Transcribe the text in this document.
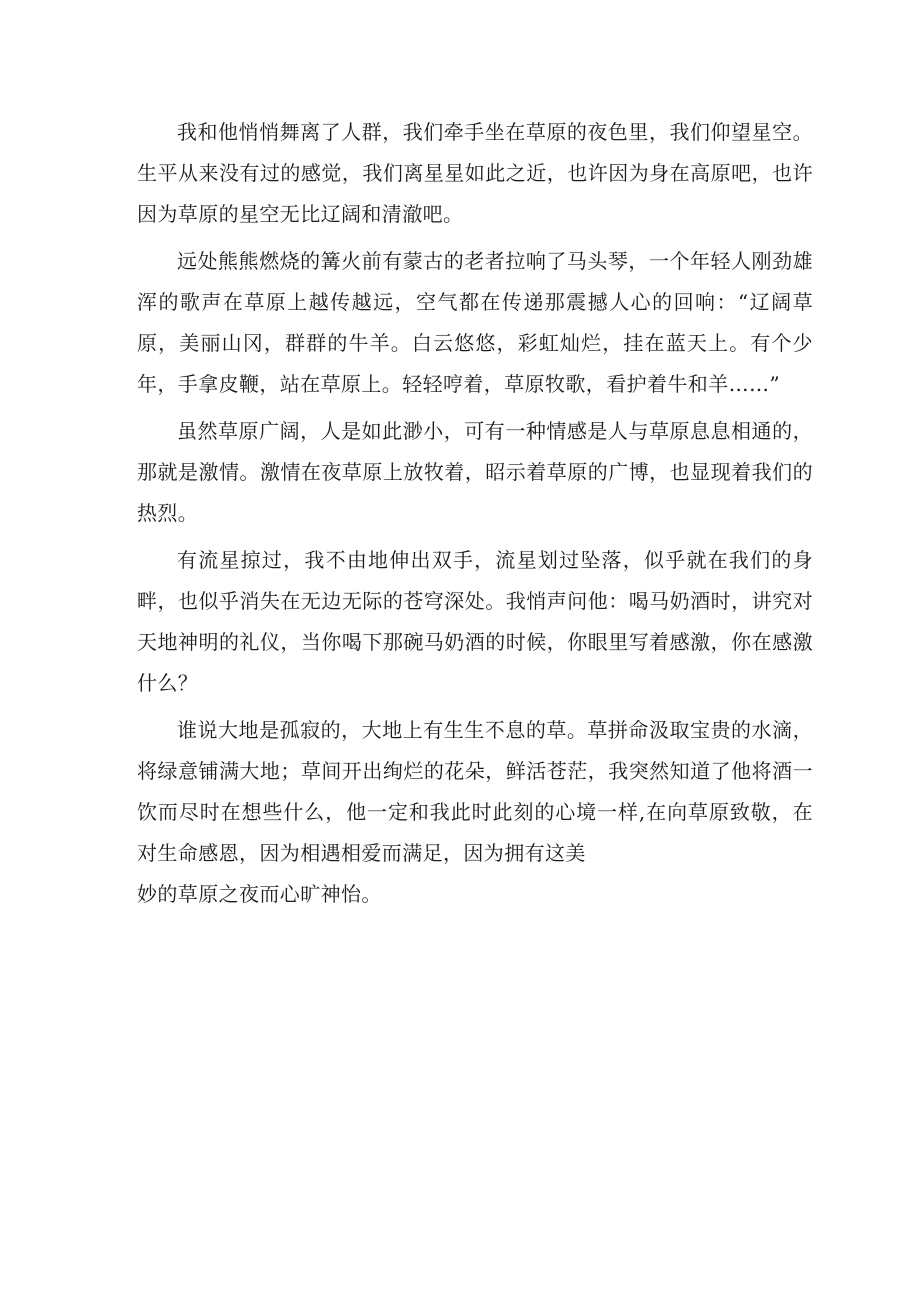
我和他悄悄舞离了人群，我们牵手坐在草原的夜色里，我们仰望星空。生平从来没有过的感觉，我们离星星如此之近，也许因为身在高原吧，也许因为草原的星空无比辽阔和清澈吧。

远处熊熊燃烧的篝火前有蒙古的老者拉响了马头琴，一个年轻人刚劲雄浑的歌声在草原上越传越远，空气都在传递那震撼人心的回响：“辽阔草原，美丽山冈，群群的牛羊。白云悠悠，彩虹灿烂，挂在蓝天上。有个少年，手拿皮鞭，站在草原上。轻轻哼着，草原牧歌，看护着牛和羊……”

虽然草原广阔，人是如此渺小，可有一种情感是人与草原息息相通的，那就是激情。激情在夜草原上放牧着，昭示着草原的广博，也显现着我们的热烈。

有流星掠过，我不由地伸出双手，流星划过坠落，似乎就在我们的身畔，也似乎消失在无边无际的苍穹深处。我悄声问他：喝马奶酒时，讲究对天地神明的礼仪，当你喝下那碗马奶酒的时候，你眼里写着感激，你在感激什么？

谁说大地是孤寂的，大地上有生生不息的草。草拼命汲取宝贵的水滴，将绿意铺满大地；草间开出绚烂的花朵，鲜活苍茫，我突然知道了他将酒一饮而尽时在想些什么，他一定和我此时此刻的心境一样,在向草原致敬，在对生命感恩，因为相遇相爱而满足，因为拥有这美
妙的草原之夜而心旷神怡。
